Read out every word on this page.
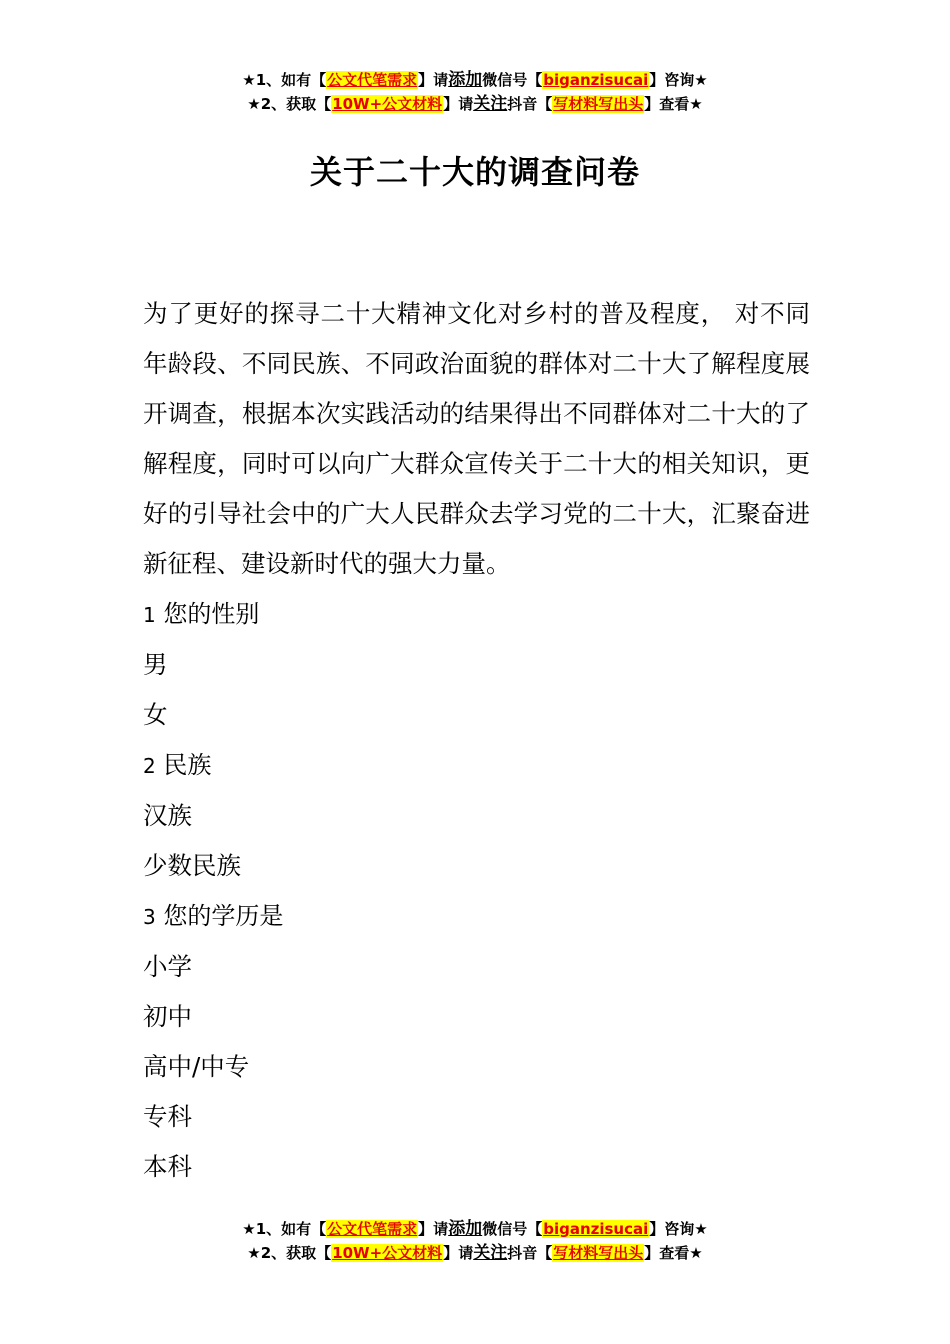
★1、如有【公文代笔需求】请添加微信号【biganzisucai】咨询★
★2、获取【10W+公文材料】请关注抖音【写材料写出头】查看★
关于二十大的调查问卷

为了更好的探寻二十大精神文化对乡村的普及程度， 对不同年龄段、不同民族、不同政治面貌的群体对二十大了解程度展开调查，根据本次实践活动的结果得出不同群体对二十大的了解程度，同时可以向广大群众宣传关于二十大的相关知识，更好的引导社会中的广大人民群众去学习党的二十大，汇聚奋进新征程、建设新时代的强大力量。

1 您的性别

男

女

2 民族

汉族

少数民族

3 您的学历是

小学

初中

高中/中专

专科

本科

★1、如有【公文代笔需求】请添加微信号【biganzisucai】咨询★
★2、获取【10W+公文材料】请关注抖音【写材料写出头】查看★
